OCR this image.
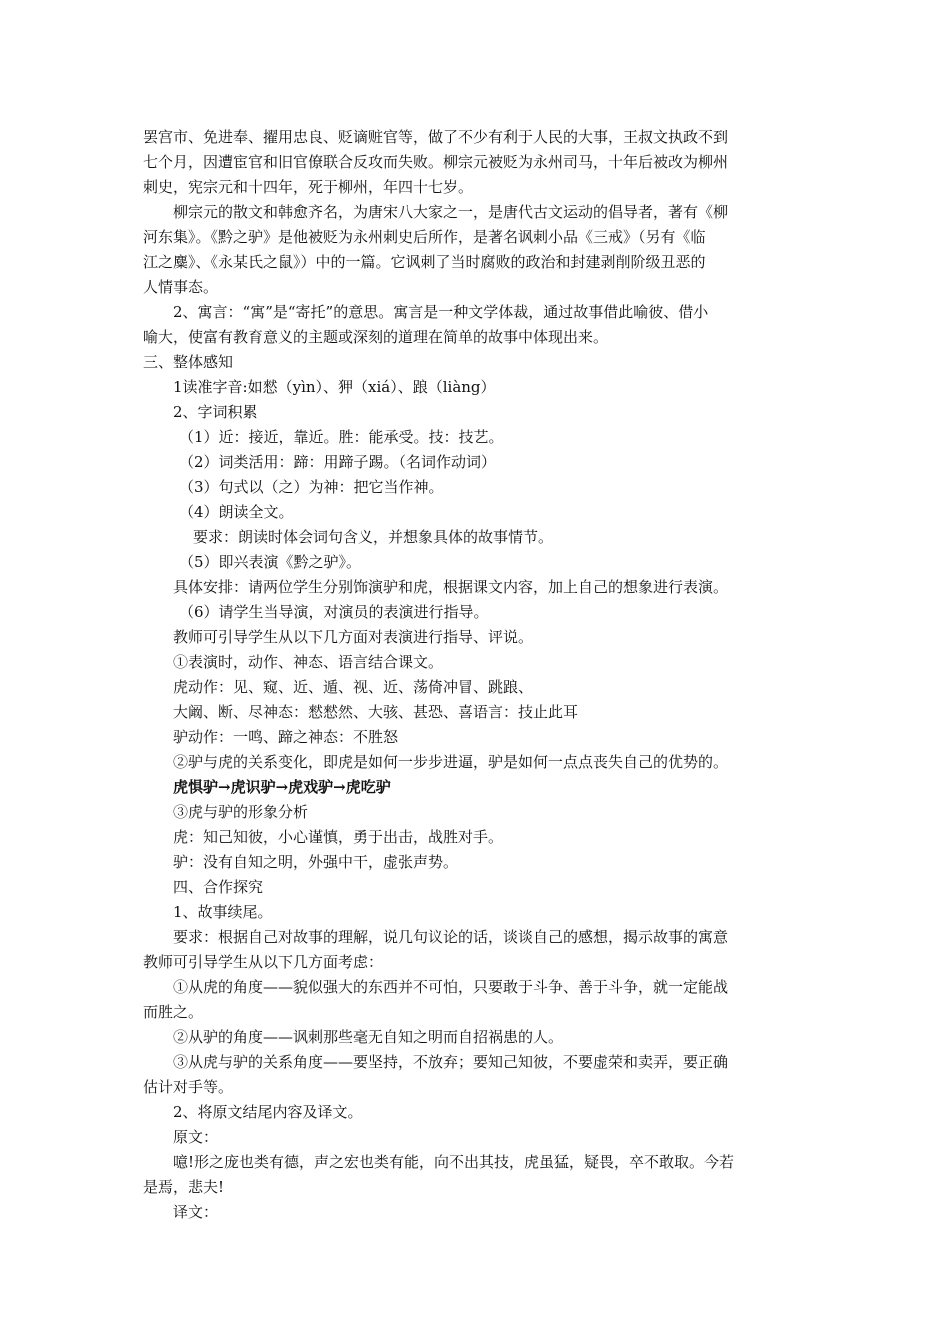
罢宫市、免进奉、擢用忠良、贬谪赃官等，做了不少有利于人民的大事，王叔文执政不到
七个月，因遭宦官和旧官僚联合反攻而失败。柳宗元被贬为永州司马，十年后被改为柳州
刺史，宪宗元和十四年，死于柳州，年四十七岁。
柳宗元的散文和韩愈齐名，为唐宋八大家之一，是唐代古文运动的倡导者，著有《柳
河东集》。《黔之驴》是他被贬为永州刺史后所作，是著名讽刺小品《三戒》（另有《临
江之麋》、《永某氏之鼠》）中的一篇。它讽刺了当时腐败的政治和封建剥削阶级丑恶的
人情事态。
2、寓言：“寓”是“寄托”的意思。寓言是一种文学体裁，通过故事借此喻彼、借小
喻大，使富有教育意义的主题或深刻的道理在简单的故事中体现出来。
三、整体感知
1读准字音:如憖（yìn）、狎（xiá）、踉（liàng）
2、字词积累
（1）近：接近，靠近。胜：能承受。技：技艺。
（2）词类活用：蹄：用蹄子踢。（名词作动词）
（3）句式以（之）为神：把它当作神。
（4）朗读全文。
要求：朗读时体会词句含义，并想象具体的故事情节。
（5）即兴表演《黔之驴》。
具体安排：请两位学生分别饰演驴和虎，根据课文内容，加上自己的想象进行表演。
（6）请学生当导演，对演员的表演进行指导。
教师可引导学生从以下几方面对表演进行指导、评说。
①表演时，动作、神态、语言结合课文。
虎动作：见、窥、近、遁、视、近、荡倚冲冒、跳踉、
大阚、断、尽神态：憖憖然、大骇、甚恐、喜语言：技止此耳
驴动作：一鸣、蹄之神态：不胜怒
②驴与虎的关系变化，即虎是如何一步步进逼，驴是如何一点点丧失自己的优势的。
虎惧驴→虎识驴→虎戏驴→虎吃驴
③虎与驴的形象分析
虎：知己知彼，小心谨慎，勇于出击，战胜对手。
驴：没有自知之明，外强中干，虚张声势。
四、合作探究
1、故事续尾。
要求：根据自己对故事的理解，说几句议论的话，谈谈自己的感想，揭示故事的寓意
教师可引导学生从以下几方面考虑：
①从虎的角度——貌似强大的东西并不可怕，只要敢于斗争、善于斗争，就一定能战
而胜之。
②从驴的角度——讽刺那些毫无自知之明而自招祸患的人。
③从虎与驴的关系角度——要坚持，不放弃；要知己知彼，不要虚荣和卖弄，要正确
估计对手等。
2、将原文结尾内容及译文。
原文：
噫!形之庞也类有德，声之宏也类有能，向不出其技，虎虽猛，疑畏，卒不敢取。今若
是焉，悲夫!
译文：
